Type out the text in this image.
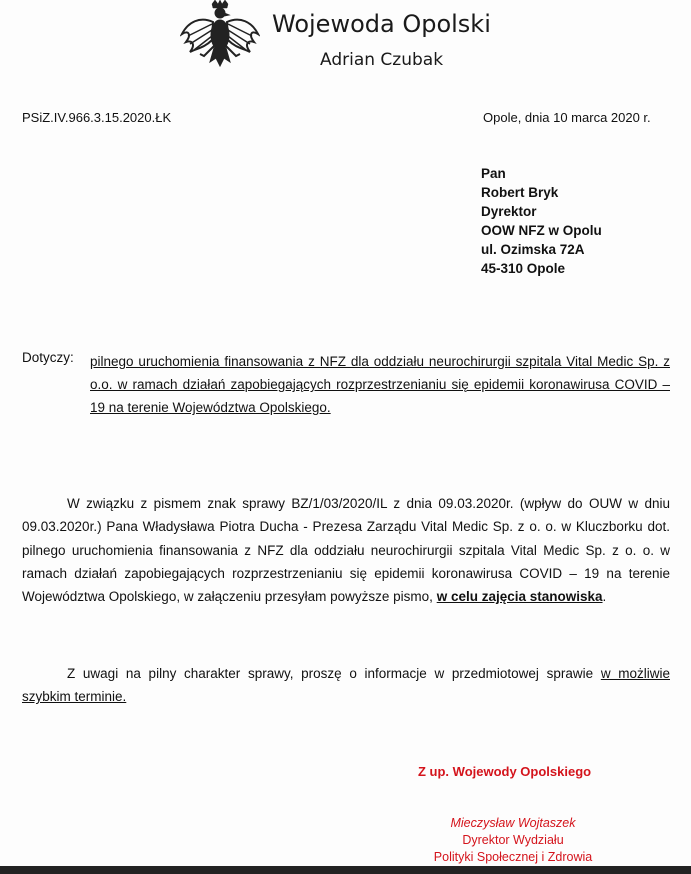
Wojewoda Opolski
Adrian Czubak
PSiZ.IV.966.3.15.2020.ŁK	Opole, dnia 10 marca 2020 r.
Pan
Robert Bryk
Dyrektor
OOW NFZ w Opolu
ul. Ozimska 72A
45-310 Opole
Dotyczy: pilnego uruchomienia finansowania z NFZ dla oddziału neurochirurgii szpitala Vital Medic Sp. z o.o. w ramach działań zapobiegających rozprzestrzenianiu się epidemii koronawirusa COVID – 19 na terenie Województwa Opolskiego.
W związku z pismem znak sprawy BZ/1/03/2020/IL z dnia 09.03.2020r. (wpływ do OUW w dniu 09.03.2020r.) Pana Władysława Piotra Ducha - Prezesa Zarządu Vital Medic Sp. z o. o. w Kluczborku dot. pilnego uruchomienia finansowania z NFZ dla oddziału neurochirurgii szpitala Vital Medic Sp. z o. o. w ramach działań zapobiegających rozprzestrzenianiu się epidemii koronawirusa COVID – 19 na terenie Województwa Opolskiego, w załączeniu przesyłam powyższe pismo, w celu zajęcia stanowiska.
Z uwagi na pilny charakter sprawy, proszę o informacje w przedmiotowej sprawie w możliwie szybkim terminie.
Z up. Wojewody Opolskiego
Mieczysław Wojtaszek
Dyrektor Wydziału
Polityki Społecznej i Zdrowia
